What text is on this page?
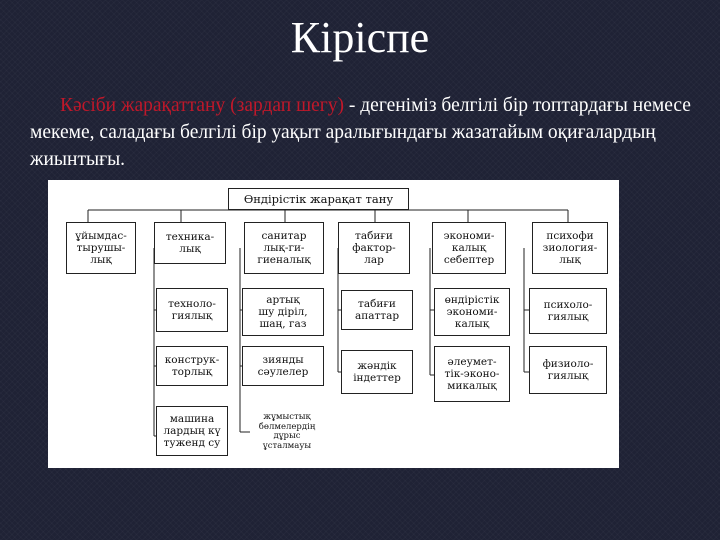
Кіріспе
Кәсіби жарақаттану (зардап шегу) - дегеніміз белгілі бір топтардағы немесе мекеме, саладағы белгілі бір уақыт аралығындағы жазатайым оқиғалардың жиынтығы.
Өндірістік жарақат тану
ұйымдас-
тырушы-
лық
техника-
лық
техноло-
гиялық
конструк-
торлық
машина
лардың кү
туженд су
санитар
лық-ги-
гиеналық
артық
шу діріл,
шаң, газ
зиянды
сәулелер
жұмыстық
бөлмелердің
дұрыс
ұсталмауы
табиғи
фактор-
лар
табиғи
апаттар
жәндік
індеттер
экономи-
калық
себептер
өндірістік
экономи-
калық
әлеумет-
тік-эконо-
микалық
психофи
зиология-
лық
психоло-
гиялық
физиоло-
гиялық
